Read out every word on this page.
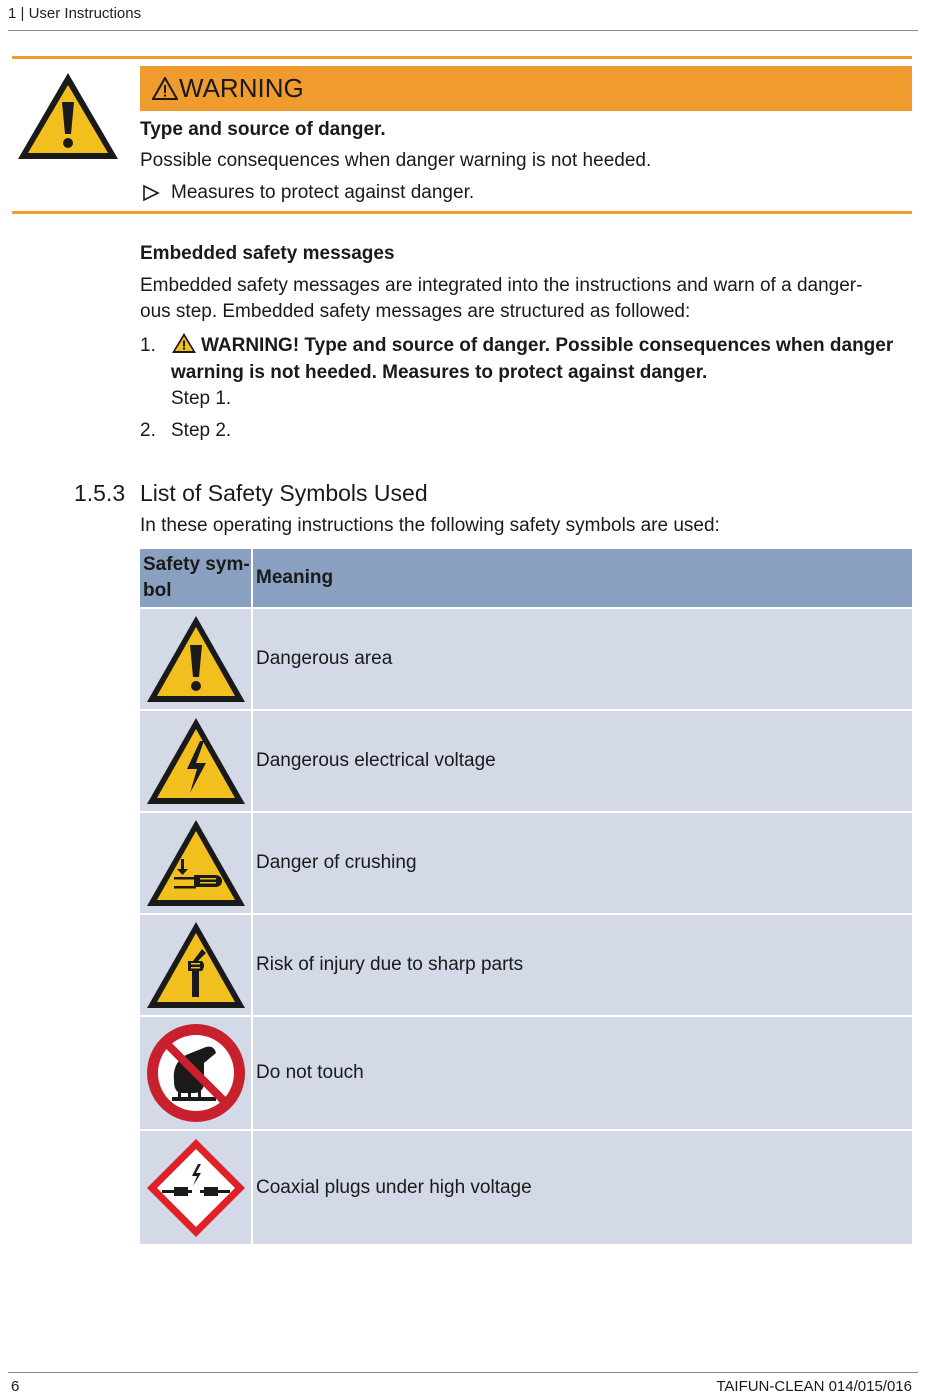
1 | User Instructions
WARNING
Type and source of danger.
Possible consequences when danger warning is not heeded.
Measures to protect against danger.
Embedded safety messages
Embedded safety messages are integrated into the instructions and warn of a danger-
ous step. Embedded safety messages are structured as followed:
1. WARNING! Type and source of danger. Possible consequences when danger
warning is not heeded. Measures to protect against danger.
Step 1.
2. Step 2.
1.5.3 List of Safety Symbols Used
In these operating instructions the following safety symbols are used:
Safety sym-
bol	Meaning

	Dangerous area

	Dangerous electrical voltage

	Danger of crushing

	Risk of injury due to sharp parts

	Do not touch

	Coaxial plugs under high voltage
6	TAIFUN-CLEAN 014/015/016
